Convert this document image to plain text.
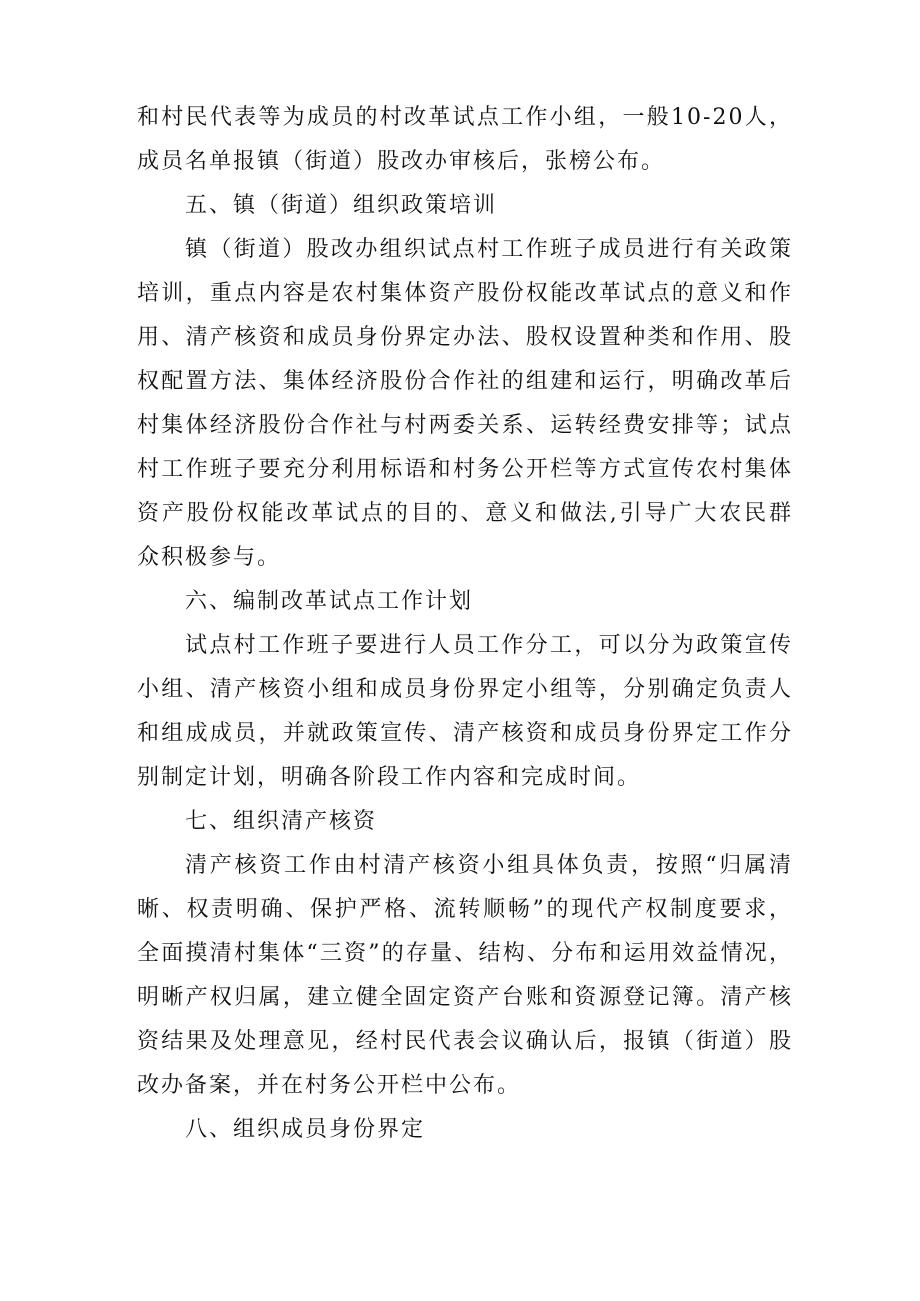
和村民代表等为成员的村改革试点工作小组，一般10-20人，成员名单报镇（街道）股改办审核后，张榜公布。

五、镇（街道）组织政策培训

镇（街道）股改办组织试点村工作班子成员进行有关政策培训，重点内容是农村集体资产股份权能改革试点的意义和作用、清产核资和成员身份界定办法、股权设置种类和作用、股权配置方法、集体经济股份合作社的组建和运行，明确改革后村集体经济股份合作社与村两委关系、运转经费安排等；试点村工作班子要充分利用标语和村务公开栏等方式宣传农村集体资产股份权能改革试点的目的、意义和做法,引导广大农民群众积极参与。

六、编制改革试点工作计划

试点村工作班子要进行人员工作分工，可以分为政策宣传小组、清产核资小组和成员身份界定小组等，分别确定负责人和组成成员，并就政策宣传、清产核资和成员身份界定工作分别制定计划，明确各阶段工作内容和完成时间。

七、组织清产核资

清产核资工作由村清产核资小组具体负责，按照“归属清晰、权责明确、保护严格、流转顺畅”的现代产权制度要求，全面摸清村集体“三资”的存量、结构、分布和运用效益情况，明晰产权归属，建立健全固定资产台账和资源登记簿。清产核资结果及处理意见，经村民代表会议确认后，报镇（街道）股改办备案，并在村务公开栏中公布。

八、组织成员身份界定
